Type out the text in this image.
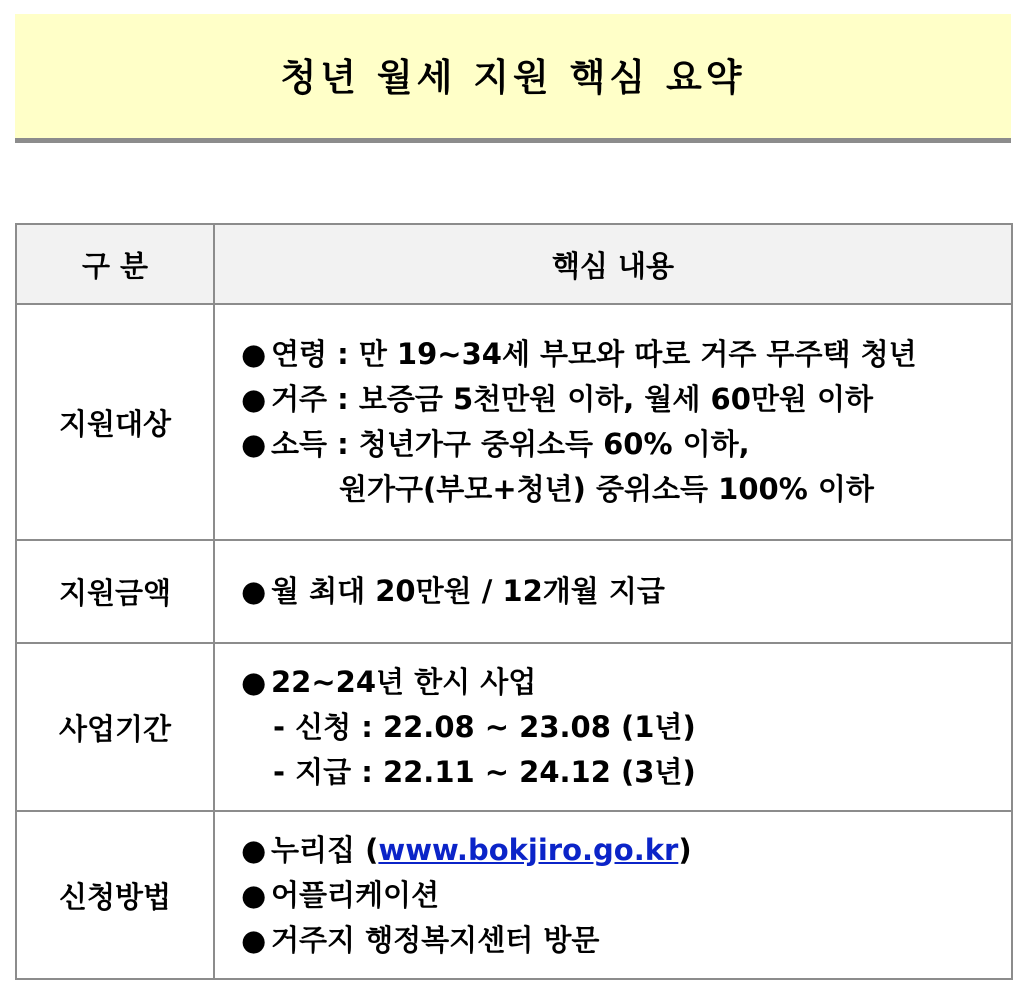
청년 월세 지원 핵심 요약
구 분	핵심 내용
지원대상	● 연령 : 만 19~34세 부모와 따로 거주 무주택 청년
● 거주 : 보증금 5천만원 이하, 월세 60만원 이하
● 소득 : 청년가구 중위소득 60% 이하,
원가구(부모+청년) 중위소득 100% 이하

지원금액	● 월 최대 20만원 / 12개월 지급

사업기간	● 22~24년 한시 사업
- 신청 : 22.08 ~ 23.08 (1년)
- 지급 : 22.11 ~ 24.12 (3년)

신청방법	● 누리집 (www.bokjiro.go.kr)
● 어플리케이션
● 거주지 행정복지센터 방문
